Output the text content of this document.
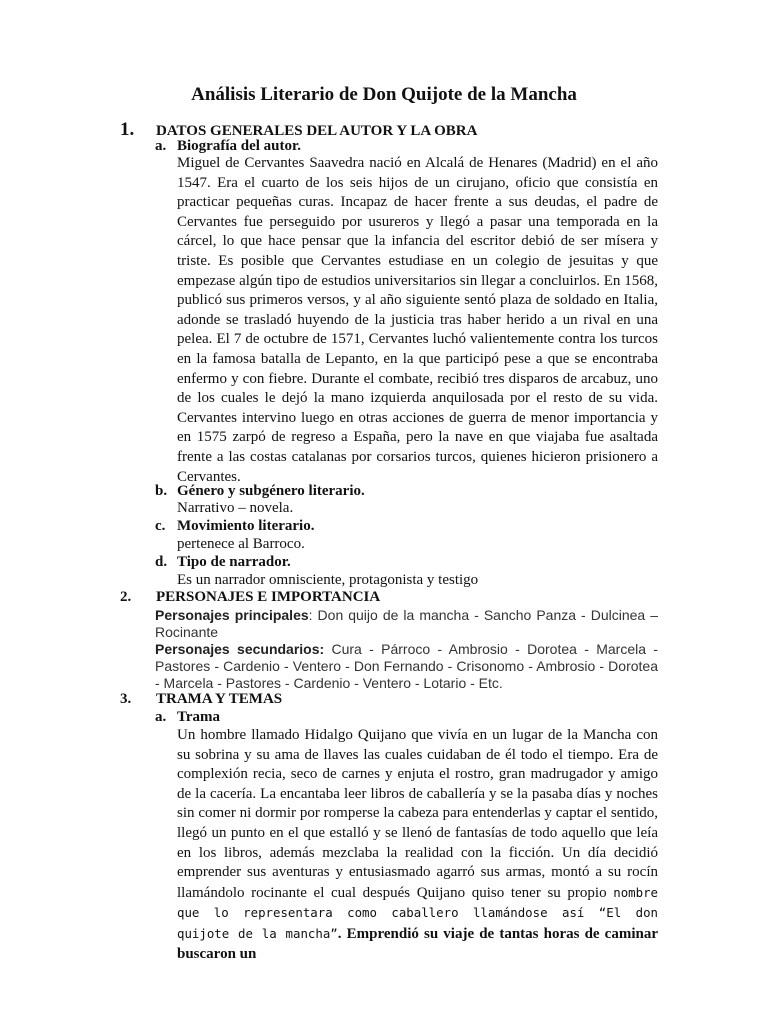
Análisis Literario de Don Quijote de la Mancha
1. DATOS GENERALES DEL AUTOR Y LA OBRA
a. Biografía del autor.
Miguel de Cervantes Saavedra nació en Alcalá de Henares (Madrid) en el año 1547. Era el cuarto de los seis hijos de un cirujano, oficio que consistía en practicar pequeñas curas. Incapaz de hacer frente a sus deudas, el padre de Cervantes fue perseguido por usureros y llegó a pasar una temporada en la cárcel, lo que hace pensar que la infancia del escritor debió de ser mísera y triste. Es posible que Cervantes estudiase en un colegio de jesuitas y que empezase algún tipo de estudios universitarios sin llegar a concluirlos. En 1568, publicó sus primeros versos, y al año siguiente sentó plaza de soldado en Italia, adonde se trasladó huyendo de la justicia tras haber herido a un rival en una pelea. El 7 de octubre de 1571, Cervantes luchó valientemente contra los turcos en la famosa batalla de Lepanto, en la que participó pese a que se encontraba enfermo y con fiebre. Durante el combate, recibió tres disparos de arcabuz, uno de los cuales le dejó la mano izquierda anquilosada por el resto de su vida. Cervantes intervino luego en otras acciones de guerra de menor importancia y en 1575 zarpó de regreso a España, pero la nave en que viajaba fue asaltada frente a las costas catalanas por corsarios turcos, quienes hicieron prisionero a Cervantes.
b. Género y subgénero literario.
Narrativo – novela.
c. Movimiento literario.
pertenece al Barroco.
d. Tipo de narrador.
Es un narrador omnisciente, protagonista y testigo
2. PERSONAJES E IMPORTANCIA
Personajes principales: Don quijo de la mancha - Sancho Panza - Dulcinea – Rocinante
Personajes secundarios: Cura - Párroco - Ambrosio - Dorotea - Marcela - Pastores - Cardenio - Ventero - Don Fernando - Crisonomo - Ambrosio - Dorotea - Marcela - Pastores - Cardenio - Ventero - Lotario - Etc.
3. TRAMA Y TEMAS
a. Trama
Un hombre llamado Hidalgo Quijano que vivía en un lugar de la Mancha con su sobrina y su ama de llaves las cuales cuidaban de él todo el tiempo. Era de complexión recia, seco de carnes y enjuta el rostro, gran madrugador y amigo de la cacería. La encantaba leer libros de caballería y se la pasaba días y noches sin comer ni dormir por romperse la cabeza para entenderlas y captar el sentido, llegó un punto en el que estalló y se llenó de fantasías de todo aquello que leía en los libros, además mezclaba la realidad con la ficción. Un día decidió emprender sus aventuras y entusiasmado agarró sus armas, montó a su rocín llamándolo rocinante el cual después Quijano quiso tener su propio nombre que lo representara como caballero llamándose así “El don quijote de la mancha”. Emprendió su viaje de tantas horas de caminar buscaron un
